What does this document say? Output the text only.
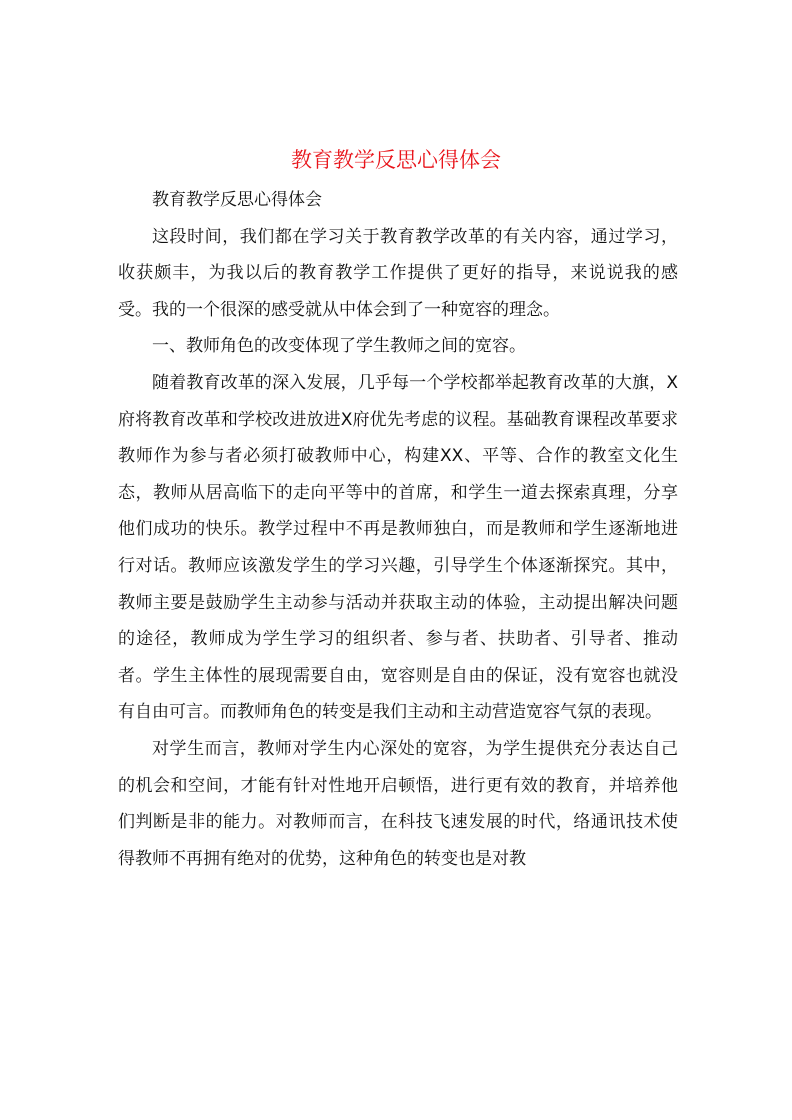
教育教学反思心得体会

教育教学反思心得体会

这段时间，我们都在学习关于教育教学改革的有关内容，通过学习，收获颇丰，为我以后的教育教学工作提供了更好的指导，来说说我的感受。我的一个很深的感受就从中体会到了一种宽容的理念。

一、教师角色的改变体现了学生教师之间的宽容。

随着教育改革的深入发展，几乎每一个学校都举起教育改革的大旗，X府将教育改革和学校改进放进X府优先考虑的议程。基础教育课程改革要求教师作为参与者必须打破教师中心，构建XX、平等、合作的教室文化生态，教师从居高临下的走向平等中的首席，和学生一道去探索真理，分享他们成功的快乐。教学过程中不再是教师独白，而是教师和学生逐渐地进行对话。教师应该激发学生的学习兴趣，引导学生个体逐渐探究。其中，教师主要是鼓励学生主动参与活动并获取主动的体验，主动提出解决问题的途径，教师成为学生学习的组织者、参与者、扶助者、引导者、推动者。学生主体性的展现需要自由，宽容则是自由的保证，没有宽容也就没有自由可言。而教师角色的转变是我们主动和主动营造宽容气氛的表现。

对学生而言，教师对学生内心深处的宽容，为学生提供充分表达自己的机会和空间，才能有针对性地开启顿悟，进行更有效的教育，并培养他们判断是非的能力。对教师而言，在科技飞速发展的时代，络通讯技术使得教师不再拥有绝对的优势，这种角色的转变也是对教
